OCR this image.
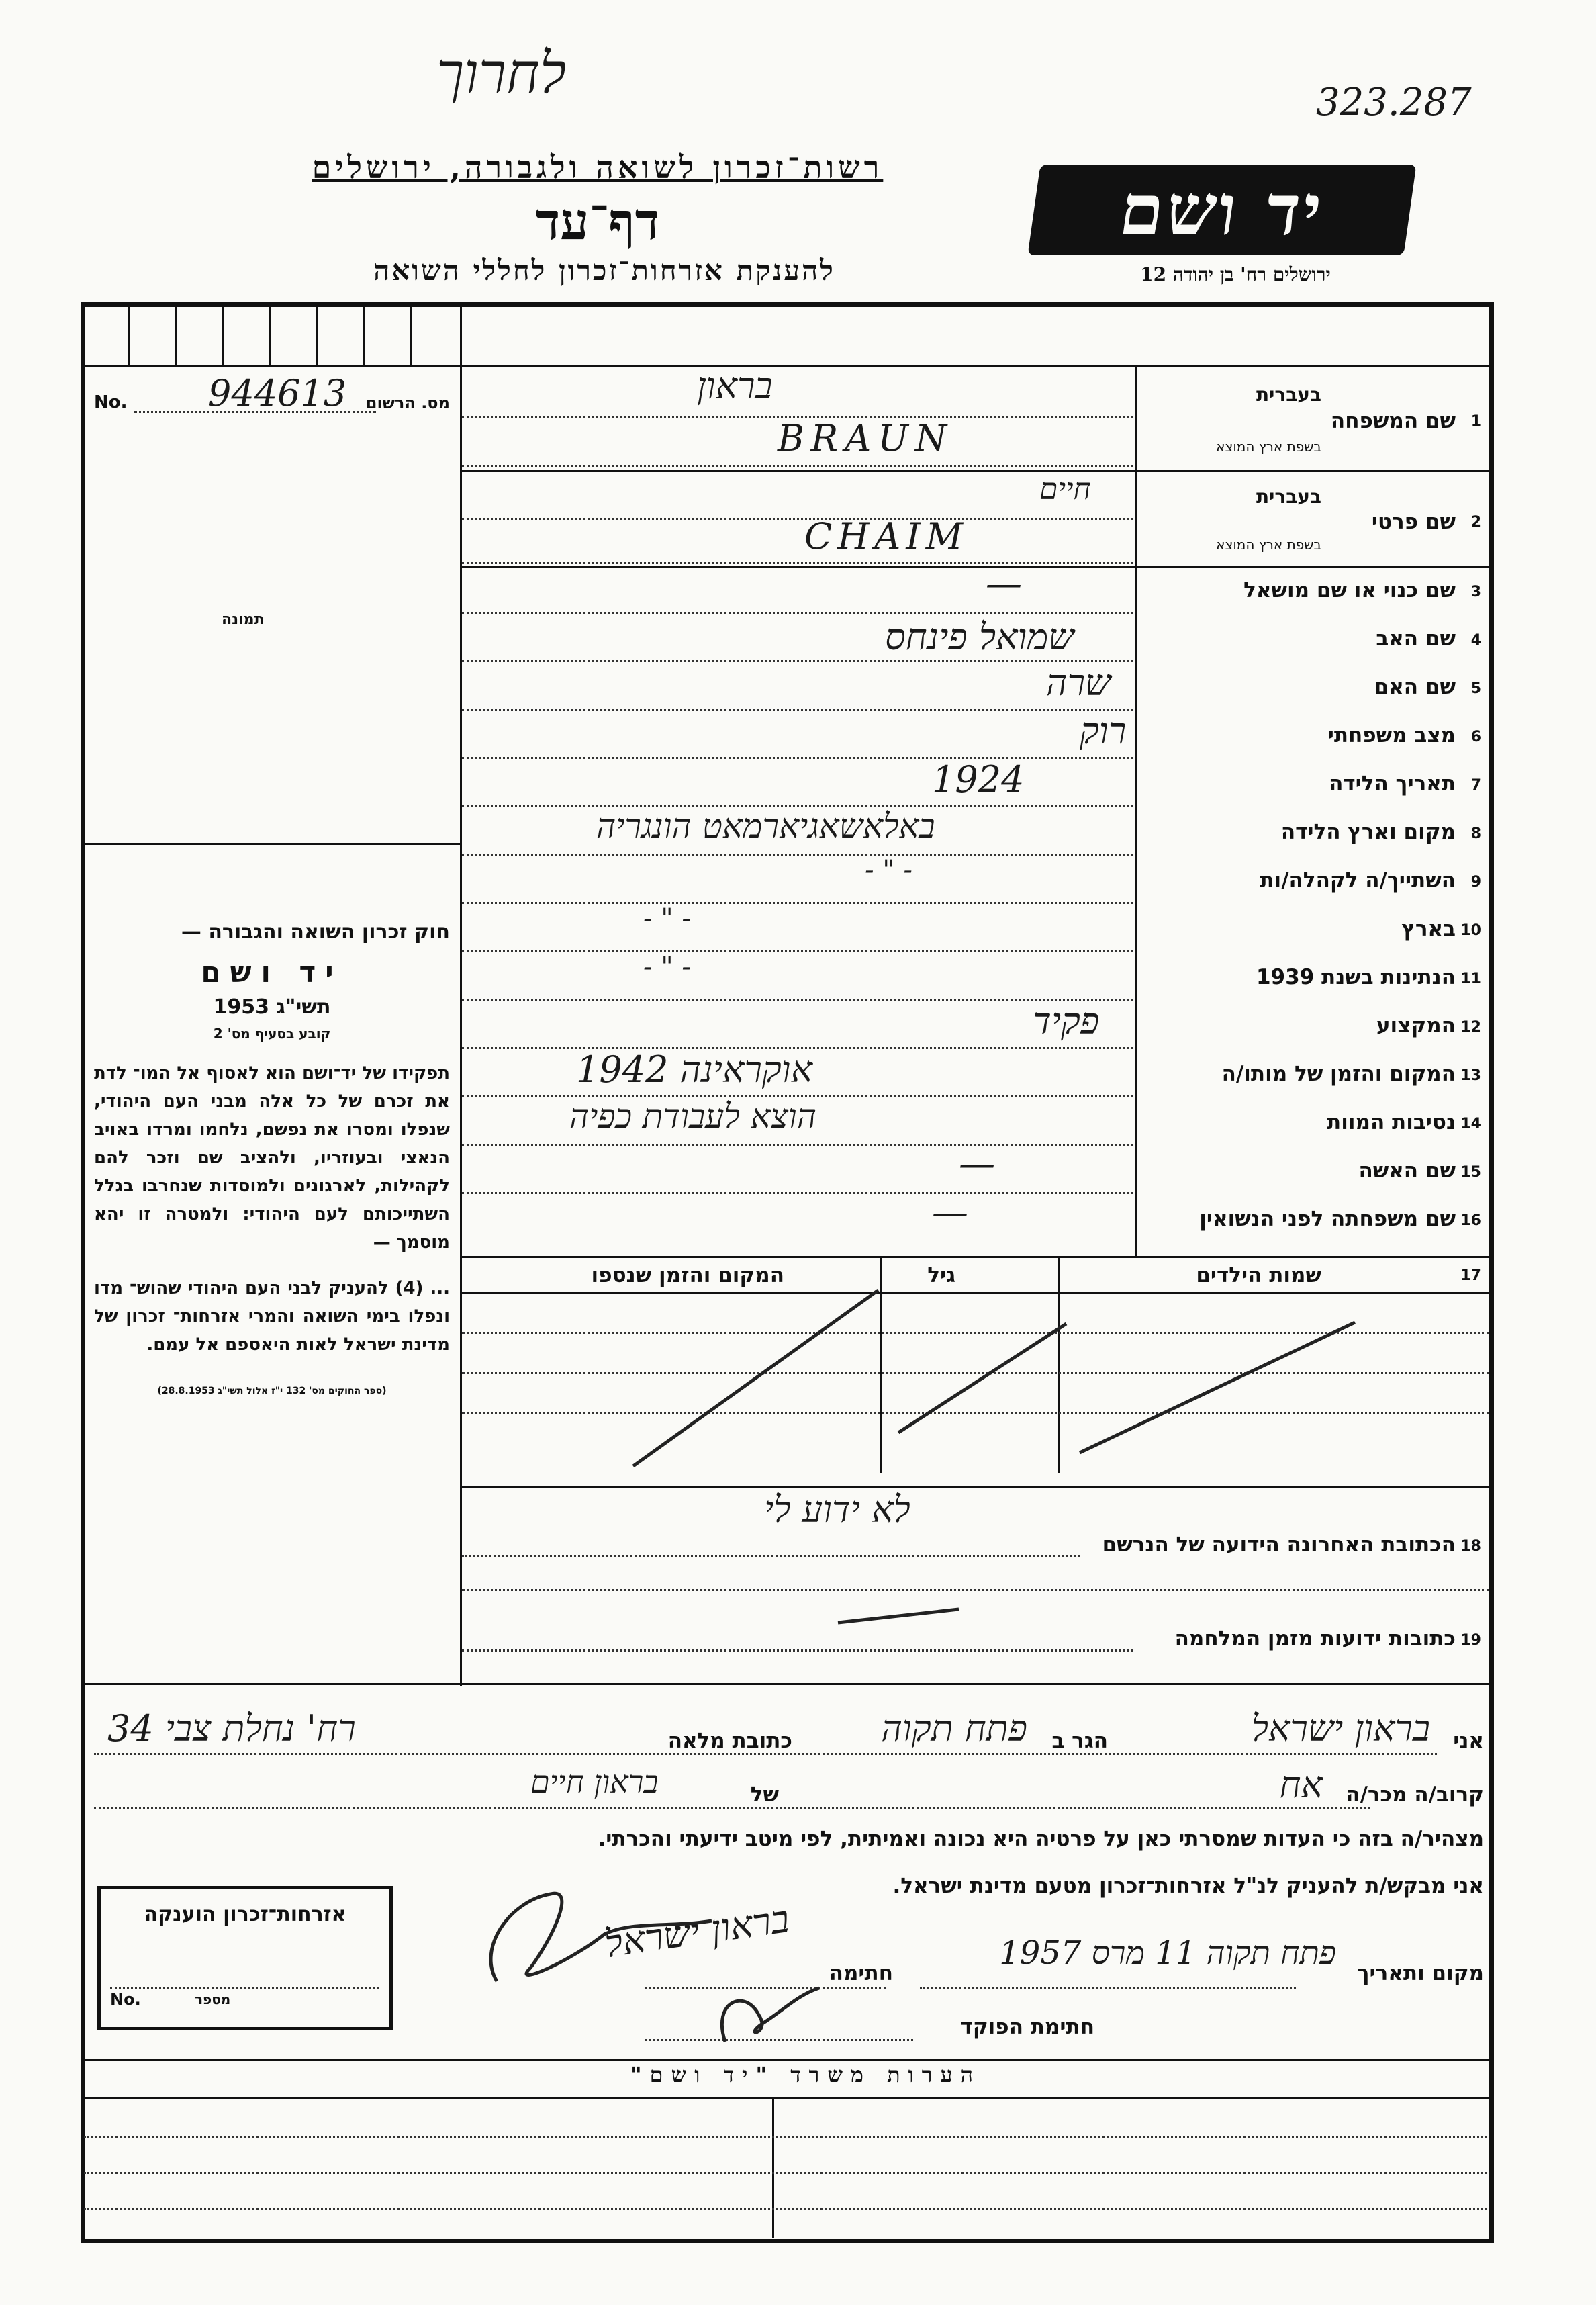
לחרוך	323.287
רשות־זכרון לשואה ולגבורה, ירושלים
דף־עד
להענקת אזרחות־זכרון לחללי השואה
יד ושם
ירושלים רח' בן יהודה 12
No.	מס. הרשום
944613
תמונה
חוק זכרון השואה והגבורה —
יד ושם
תשי"ג 1953
קובע בסעיף מס' 2
תפקידו של יד־ושם הוא לאסוף אל המו־ לדת את זכרם של כל אלה מבני העם היהודי, שנפלו ומסרו את נפשם, נלחמו ומרדו באויב הנאצי ובעוזריו, ולהציב שם וזכר להם לקהילות, לארגונים ולמוסדות שנחרבו בגלל השתייכותם לעם היהודי: ולמטרה זו יהא מוסמך —
... (4) להעניק לבני העם היהודי שהוש־ מדו ונפלו בימי השואה והמרי אזרחות־ זכרון של מדינת ישראל לאות היאספם אל עמם.
(ספר החוקים מס' 132 י"ז אלול תשי"ג 28.8.1953)
1
שם המשפחה
בעברית
בשפת ארץ המוצא
בראון
BRAUN
2
שם פרטי
בעברית
בשפת ארץ המוצא
חיים
CHAIM
3
שם כנוי או שם מושאל
—
4
שם האב
שמואל פינחס
5
שם האם
שרה
6
מצב משפחתי
רוק
7
תאריך הלידה
1924
8
מקום וארץ הלידה
באלאשאגיארמאט הונגריה
9
השתייך/ה לקהלה/ות
- " -
10
בארץ
- " -
11
הנתינות בשנת 1939
- " -
12
המקצוע
פקיד
13
המקום והזמן של מותו/ה
אוקראינה 1942
14
נסיבות המוות
הוצא לעבודת כפיה
15
שם האשה
—
16
שם משפחתה לפני הנשואין
—
17
שמות הילדים
גיל
המקום והזמן שנספו
18
הכתובת האחרונה הידועה של הנרשם
לא ידוע לי
19
כתובות ידועות מזמן המלחמה
אני
בראון ישראל
הגר ב
פתח תקוה
כתובת מלאה
רח' נחלת צבי 34
קרוב/ה מכר/ה
אח
של
בראון חיים
מצהיר/ה בזה כי העדות שמסרתי כאן על פרטיה היא נכונה ואמיתית, לפי מיטב ידיעתי והכרתי.
אני מבקש/ת להעניק לנ"ל אזרחות־זכרון מטעם מדינת ישראל.
מקום ותאריך
פתח תקוה 11 מרס 1957
חתימה
בראון ישראל
חתימת הפוקד
אזרחות־זכרון הוענקה
No.	מספר
הערות משרד "יד ושם"
